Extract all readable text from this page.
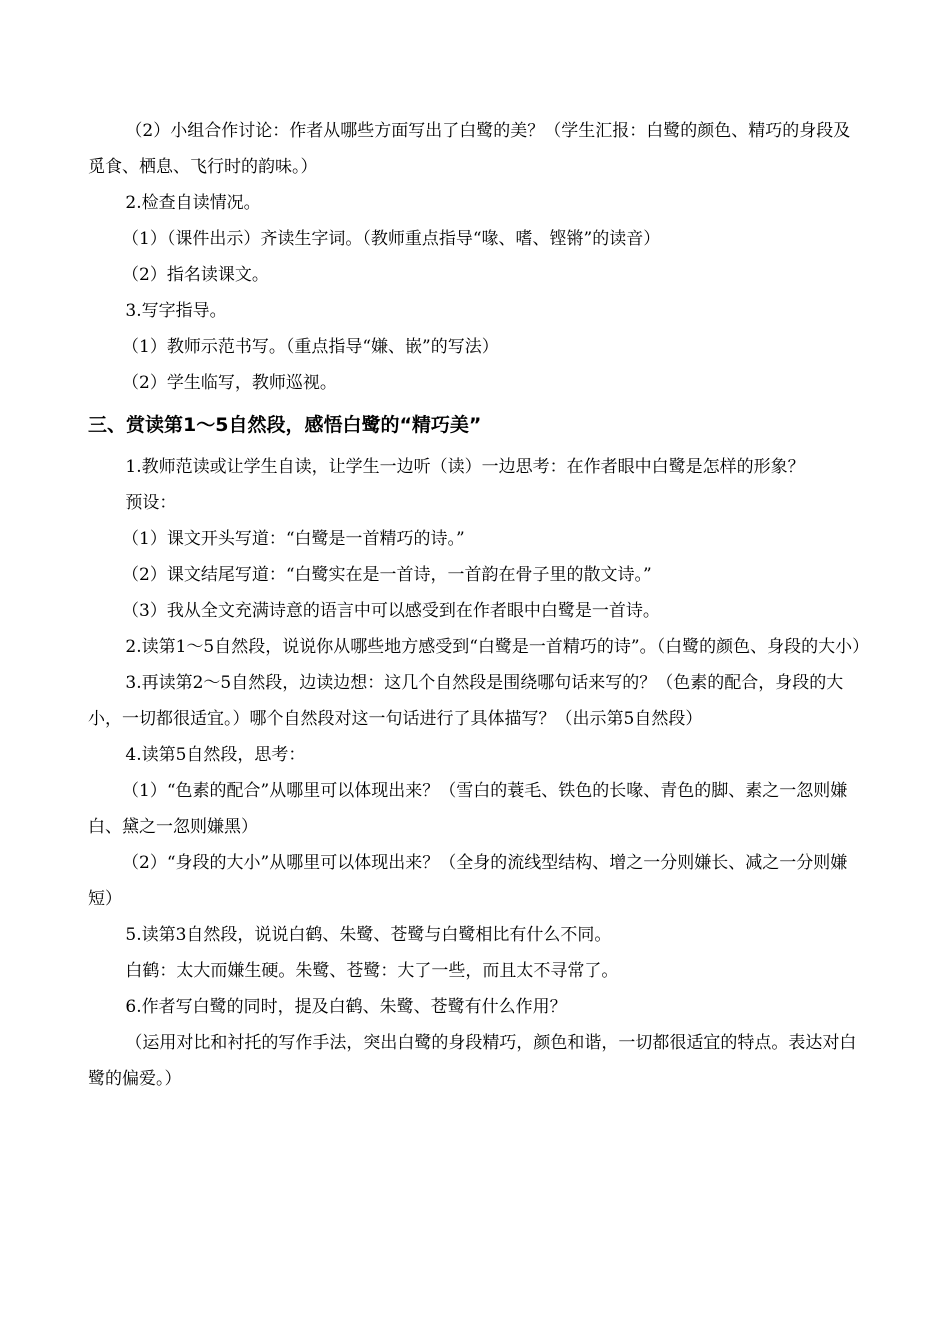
（2）小组合作讨论：作者从哪些方面写出了白鹭的美？（学生汇报：白鹭的颜色、精巧的身段及觅食、栖息、飞行时的韵味。）

2.检查自读情况。

（1）（课件出示）齐读生字词。（教师重点指导“喙、嗜、铿锵”的读音）

（2）指名读课文。

3.写字指导。

（1）教师示范书写。（重点指导“嫌、嵌”的写法）

（2）学生临写，教师巡视。

三、赏读第1～5自然段，感悟白鹭的“精巧美”

1.教师范读或让学生自读，让学生一边听（读）一边思考：在作者眼中白鹭是怎样的形象？

预设：

（1）课文开头写道：“白鹭是一首精巧的诗。”

（2）课文结尾写道：“白鹭实在是一首诗，一首韵在骨子里的散文诗。”

（3）我从全文充满诗意的语言中可以感受到在作者眼中白鹭是一首诗。

2.读第1～5自然段，说说你从哪些地方感受到“白鹭是一首精巧的诗”。（白鹭的颜色、身段的大小）

3.再读第2～5自然段，边读边想：这几个自然段是围绕哪句话来写的？（色素的配合，身段的大小，一切都很适宜。）哪个自然段对这一句话进行了具体描写？（出示第5自然段）

4.读第5自然段，思考：

（1）“色素的配合”从哪里可以体现出来？（雪白的蓑毛、铁色的长喙、青色的脚、素之一忽则嫌白、黛之一忽则嫌黑）

（2）“身段的大小”从哪里可以体现出来？（全身的流线型结构、增之一分则嫌长、减之一分则嫌短）

5.读第3自然段，说说白鹤、朱鹭、苍鹭与白鹭相比有什么不同。

白鹤：太大而嫌生硬。朱鹭、苍鹭：大了一些，而且太不寻常了。

6.作者写白鹭的同时，提及白鹤、朱鹭、苍鹭有什么作用？

（运用对比和衬托的写作手法，突出白鹭的身段精巧，颜色和谐，一切都很适宜的特点。表达对白鹭的偏爱。）
